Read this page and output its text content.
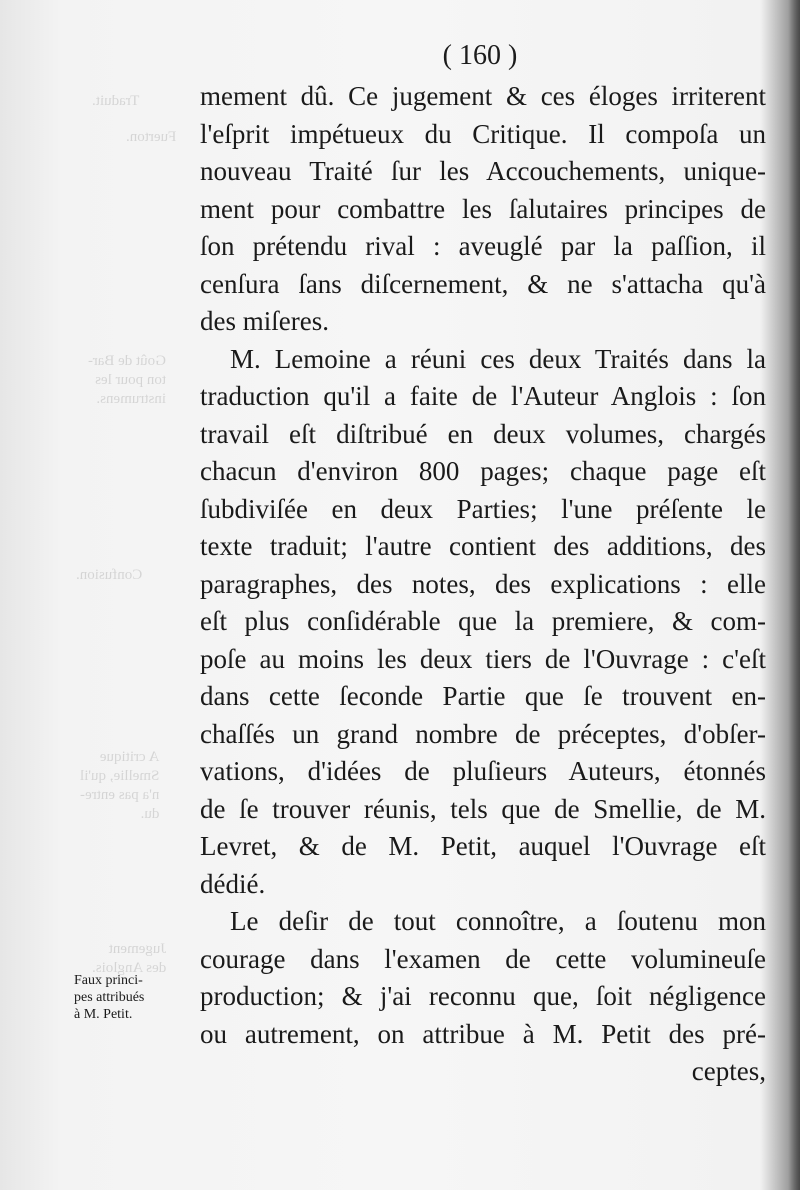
( 160 )
Traduit.
Fuerton.
Goût de Bar-
ton pour les
instrumens.
Confusion.
A critique
Smellie, qu'il
n'a pas entre-
du.
Jugement
des Anglois.
mement dû. Ce jugement & ces éloges irriterent
l'eſprit impétueux du Critique. Il compoſa un
nouveau Traité ſur les Accouchements, unique-
ment pour combattre les ſalutaires principes de
ſon prétendu rival : aveuglé par la paſſion, il
cenſura ſans diſcernement, & ne s'attacha qu'à
des miſeres.
M. Lemoine a réuni ces deux Traités dans la
traduction qu'il a faite de l'Auteur Anglois : ſon
travail eſt diſtribué en deux volumes, chargés
chacun d'environ 800 pages; chaque page eſt
ſubdiviſée en deux Parties; l'une préſente le
texte traduit; l'autre contient des additions, des
paragraphes, des notes, des explications : elle
eſt plus conſidérable que la premiere, & com-
poſe au moins les deux tiers de l'Ouvrage : c'eſt
dans cette ſeconde Partie que ſe trouvent en-
chaſſés un grand nombre de préceptes, d'obſer-
vations, d'idées de pluſieurs Auteurs, étonnés
de ſe trouver réunis, tels que de Smellie, de M.
Levret, & de M. Petit, auquel l'Ouvrage eſt
dédié.
Le deſir de tout connoître, a ſoutenu mon
courage dans l'examen de cette volumineuſe
production; & j'ai reconnu que, ſoit négligence
ou autrement, on attribue à M. Petit des pré-
ceptes,
Faux princi-
pes attribués
à M. Petit.
